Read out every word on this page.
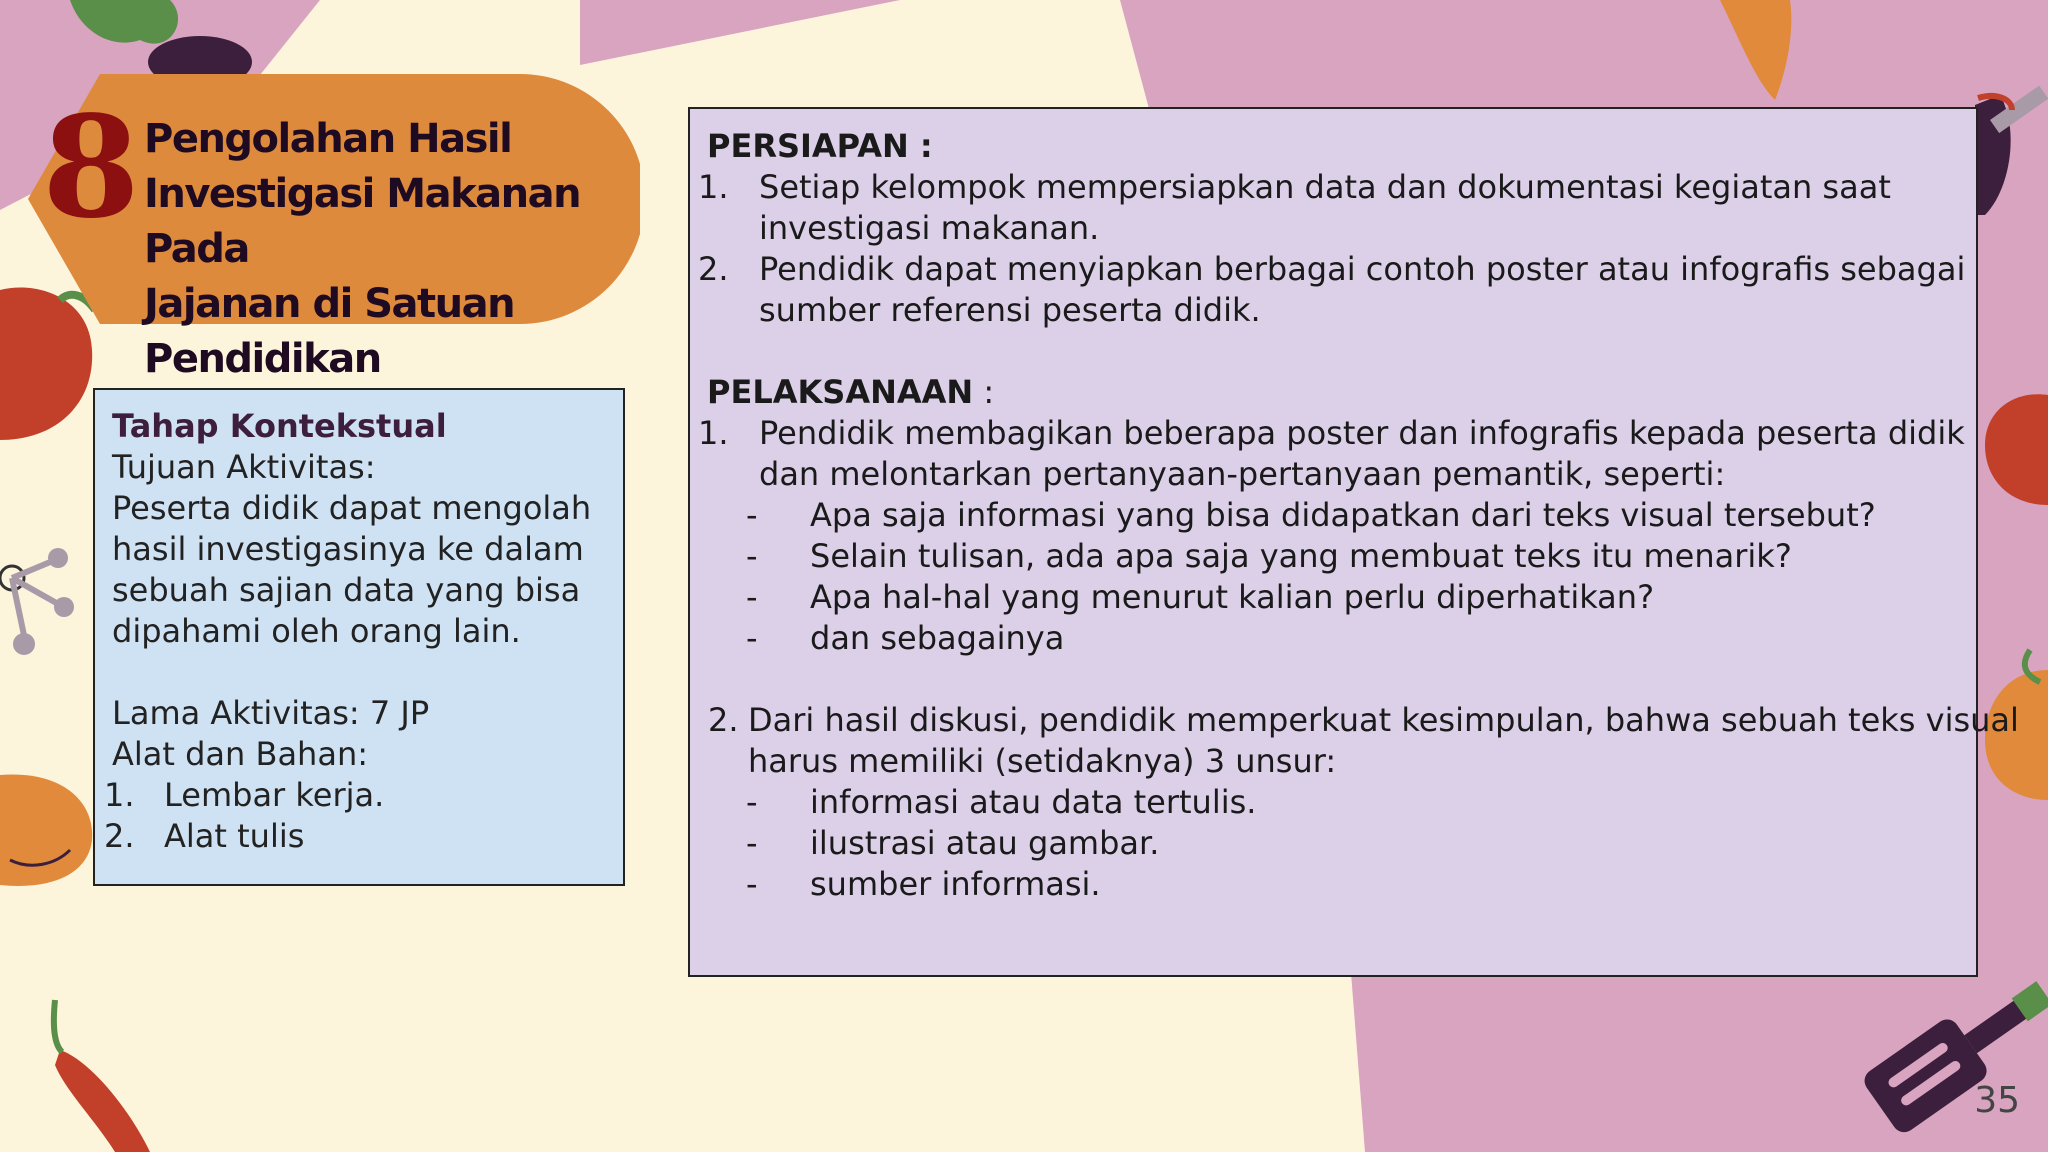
8 Pengolahan Hasil
Investigasi Makanan Pada
Jajanan di Satuan
Pendidikan
Tahap Kontekstual
Tujuan Aktivitas:
Peserta didik dapat mengolah
hasil investigasinya ke dalam
sebuah sajian data yang bisa
dipahami oleh orang lain.
Lama Aktivitas: 7 JP
Alat dan Bahan:
1. Lembar kerja.
2. Alat tulis
PERSIAPAN :
1. Setiap kelompok mempersiapkan data dan dokumentasi kegiatan saat
investigasi makanan.
2. Pendidik dapat menyiapkan berbagai contoh poster atau infografis sebagai
sumber referensi peserta didik.
PELAKSANAAN :
1. Pendidik membagikan beberapa poster dan infografis kepada peserta didik
dan melontarkan pertanyaan-pertanyaan pemantik, seperti:
- Apa saja informasi yang bisa didapatkan dari teks visual tersebut?
- Selain tulisan, ada apa saja yang membuat teks itu menarik?
- Apa hal-hal yang menurut kalian perlu diperhatikan?
- dan sebagainya
2. Dari hasil diskusi, pendidik memperkuat kesimpulan, bahwa sebuah teks visual
harus memiliki (setidaknya) 3 unsur:
- informasi atau data tertulis.
- ilustrasi atau gambar.
- sumber informasi.
35
